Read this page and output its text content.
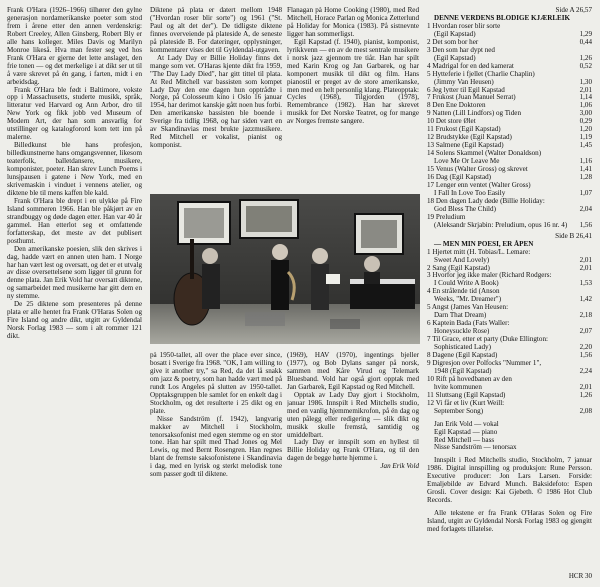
Frank O'Hara (1926–1966) tilhører den gylne generasjon nordamerikanske poeter som stod frem i årene etter den annen verdenskrig: Robert Creeley, Allen Ginsberg, Robert Bly er alle hans kolleger. Miles Davis og Marilyn Monroe likeså. Hva man fester seg ved hos Frank O'Hara er gjerne det lette anslaget, den frie tonen — og det merkelige i at dikt ser ut til å være skrevet på én gang, i farten, midt i en arbeidsdag.

Frank O'Hara ble født i Baltimore, vokste opp i Massachusetts, studerte musikk, språk, litteratur ved Harvard og Ann Arbor, dro til New York og fikk jobb ved Museum of Modern Art, der han som ansvarlig for utstillinger og katalogforord kom tett inn på malerne.

Billedkunst ble hans profesjon, billedkunstnerne hans omgangsvenner, likesom teaterfolk, balletdansere, musikere, komponister, poeter. Han skrev Lunch Poems i lunsjpausen i gatene i New York, med en skrivemaskin i vinduet i vennens atelier, og diktene ble til mens kaffen ble kald.

Frank O'Hara ble drept i en ulykke på Fire Island sommeren 1966. Han ble påkjørt av en strandbuggy og døde dagen etter. Han var 40 år gammel. Han etterlot seg et omfattende forfatterskap, det meste av det publisert posthumt.

Den amerikanske poesien, slik den skrives i dag, hadde vært en annen uten ham. I Norge har han vært lest og oversatt, og det er et utvalg av disse oversettelsene som ligger til grunn for denne plata. Jan Erik Vold har oversatt diktene, og samarbeidet med musikerne har gitt dem en ny stemme.

De 25 diktene som presenteres på denne plata er alle hentet fra Frank O'Haras Solen og Fire Island og andre dikt, utgitt av Gyldendal Norsk Forlag 1983 — som i alt rommer 121 dikt.

Diktene på plata er datert mellom 1948 ("Hvordan roser blir sorte") og 1961 ("St. Paul og alt det der"). De tidligste diktene finnes overveiende på plateside A, de seneste på plateside B. For dateringer, opplysninger, kommentarer vises det til Gyldendal-utgaven.

At Lady Day er Billie Holiday finns det mange som vet. O'Haras kjente dikt fra 1959, "The Day Lady Died", har gitt tittel til plata. At Red Mitchell var bassisten som kompet Lady Day den ene dagen hun opptrådte i Norge, på Colosseum kino i Oslo 16 januar 1954, har derimot kanskje gått noen hus forbi. Den amerikanske bassisten ble boende i Sverige fra tidlig 1968, og har siden vært en av Skandinavias mest brukte jazzmusikere. Red Mitchell er vokalist, pianist og komponist.

Flanagan på Home Cooking (1980), med Red Mitchell, Horace Parlan og Monica Zetterlund på Holiday for Monica (1983). På sistnevnte ligger han sommerligst.

Egil Kapstad (f. 1940), pianist, komponist, lyrikkvenn — en av de mest sentrale musikere i norsk jazz gjennom tre tiår. Han har spilt med Karin Krog og Jan Garbarek, og har komponert musikk til dikt og film. Hans pianostil er preget av de store amerikanske, men med en helt personlig klang. Plateopptak: Cycles (1968), Tilgjorden (1978), Remembrance (1982). Han har skrevet musikk for Det Norske Teatret, og for mange av Norges fremste sangere.

på 1950-tallet, all over the place ever since, bosatt i Sverige fra 1968. "OK, I am willing to give it another try," sa Red, da det lå snakk om jazz & poetry, som han hadde vært med på rundt Los Angeles på slutten av 1950-tallet. Opptaksgruppen ble samlet for en enkelt dag i Stockholm, og det resulterte i 25 dikt og en plate.

Nisse Sandström (f. 1942), langvarig makker av Mitchell i Stockholm, tenorsaksofonist med egen stemme og en stor tone. Han har spilt med Thad Jones og Mel Lewis, og med Bernt Rosengren. Han regnes blant de fremste saksofonistene i Skandinavia i dag, med en lyrisk og sterkt melodisk tone som passer godt til diktene.

(1969), HAV (1970), ingentings bjeller (1977), og Bob Dylans sanger på norsk, sammen med Kåre Virud og Telemark Bluesband. Vold har også gjort opptak med Jan Garbarek, Egil Kapstad og Red Mitchell.

Opptak av Lady Day gjort i Stockholm, januar 1986. Innspilt i Red Mitchells studio, med en vanlig hjemmemikrofon, på én dag og uten pålegg eller redigering — slik dikt og musikk skulle fremstå, samtidig og umiddelbart.

Lady Day er innspilt som en hyllest til Billie Holiday og Frank O'Hara, og til den dagen de begge hørte hjemme i.

Jan Erik Vold

Side A 26,57

DENNE VERDENS BLODIGE KJÆRLEIK

1 Hvordan roser blir sorte
(Egil Kapstad)	1,29
2 Det som bor her	0,44
3 Den som har dypt ned
(Egil Kapstad)	1,26
4 Madrigal for en død kamerat	0,52
5 Hytteferie i fjellet (Charlie Chaplin)
(Jimmy Van Heusen)	1,30
6 Jeg lytter til Egil Kapstad	2,01
7 Frukost (Juan Manuel Serrat)	1,14
8 Den Ene Doktoren	1,06
9 Natten (Lill Lindfors) og Tiden	3,00
10 Det store Ølet	0,29
11 Frukost (Egil Kapstad)	1,20
12 Brudstykke (Egil Kapstad)	1,19
13 Salmene (Egil Kapstad)	1,45
14 Solens Skammel (Walter Donaldson)
Love Me Or Leave Me	1,16
15 Venus (Walter Gross) og skrevet	1,41
16 Dag (Egil Kapstad)	1,28
17 Lenger enn ventet (Walter Gross)
I Fall In Love Too Easily	1,07
18 Den dagen Lady døde (Billie Holiday:
God Bless The Child)	2,04
19 Preludium
(Aleksandr Skrjabin: Preludium, opus 16 nr. 4)	1,56
Side B 26,41

— MEN MIN POESI, ER ÅPEN

1 Hjertet mitt (H. Tobias/L. Lemare:
Sweet And Lovely)	2,01
2 Sang (Egil Kapstad)	2,01
3 Hvorfor jeg ikke maler (Richard Rodgers:
I Could Write A Book)	1,53
4 En strålende tid (Anson
Weeks, "Mr. Dreamer")	1,42
5 Angst (James Van Heusen:
Darn That Dream)	2,18
6 Kaptein Bada (Fats Waller:
Honeysuckle Rose)	2,07
7 Til Grace, etter et party (Duke Ellington:
Sophisticated Lady)	2,20
8 Dagene (Egil Kapstad)	1,56
9 Digresjon over Polfocks "Nummer 1",
1948 (Egil Kapstad)	2,24
10 Rift på hovedbanen av den
hvite kommunen	2,01
11 Sluttsang (Egil Kapstad)	1,26
12 Vi får et liv (Kurt Weill:
September Song)	2,08

Jan Erik Vold — vokal

Egil Kapstad — piano

Red Mitchell — bass

Nisse Sandström — tenorsax

Innspilt i Red Mitchells studio, Stockholm, 7 januar 1986. Digital innspilling og produksjon: Rune Persson. Executive producer: Jon Lars Larsen. Forside: Emaljebilde av Edvard Munch. Baksidefoto: Espen Grosli. Cover design: Kai Gjebeth. © 1986 Hot Club Records.

Alle tekstene er fra Frank O'Haras Solen og Fire Island, utgitt av Gyldendal Norsk Forlag 1983 og gjengitt med forlagets tillatelse.

HCR 30
